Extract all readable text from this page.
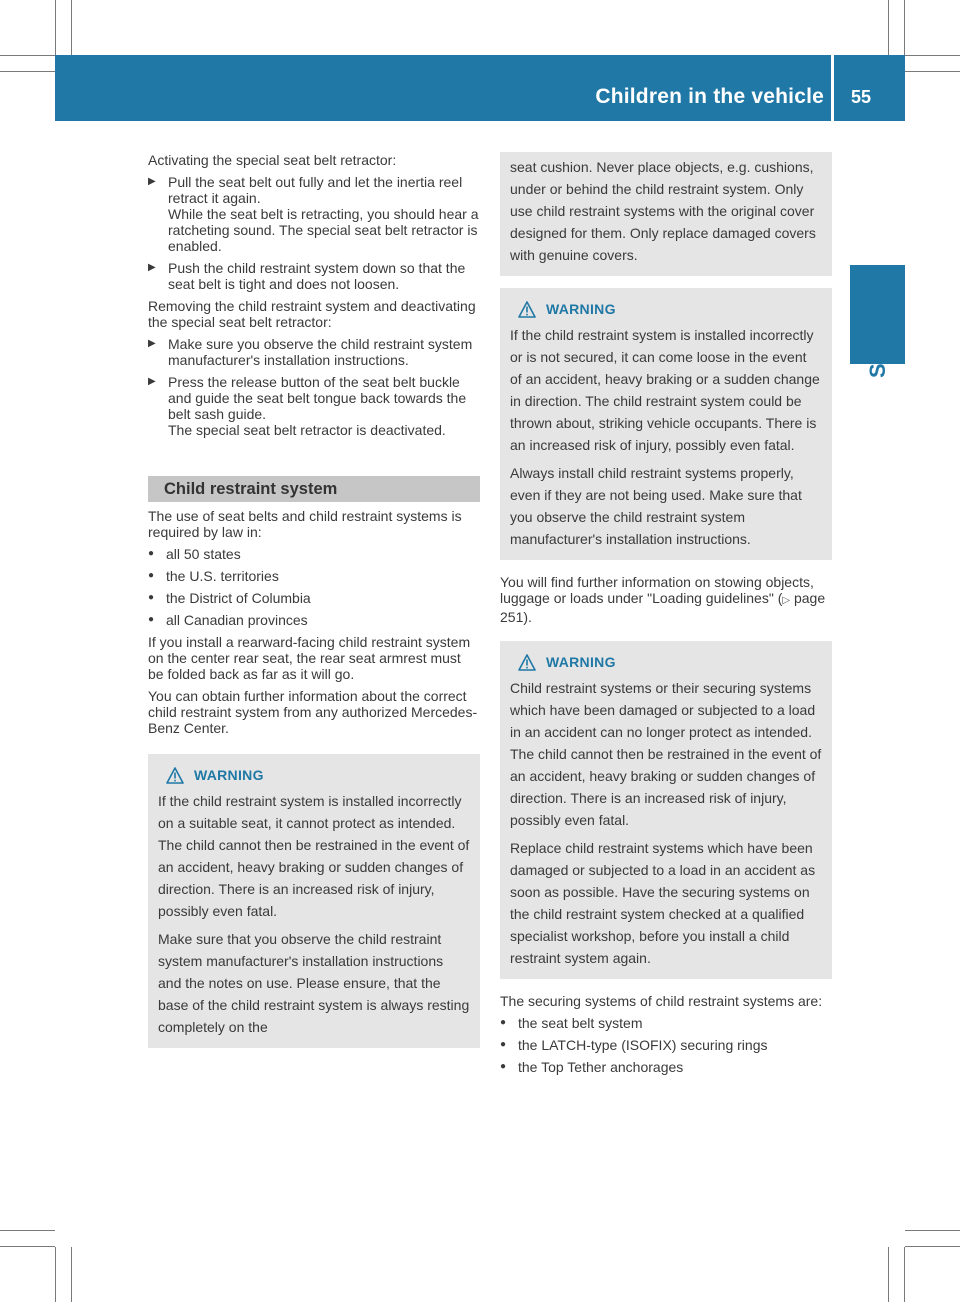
Children in the vehicle 55
Safety

Activating the special seat belt retractor:

▶ Pull the seat belt out fully and let the inertia reel retract it again.

While the seat belt is retracting, you should hear a ratcheting sound. The special seat belt retractor is enabled.

▶ Push the child restraint system down so that the seat belt is tight and does not loosen.

Removing the child restraint system and deactivating the special seat belt retractor:

▶ Make sure you observe the child restraint system manufacturer's installation instructions.

▶ Press the release button of the seat belt buckle and guide the seat belt tongue back towards the belt sash guide.

The special seat belt retractor is deactivated.

Child restraint system

The use of seat belts and child restraint systems is required by law in:

● all 50 states
● the U.S. territories
● the District of Columbia
● all Canadian provinces

If you install a rearward-facing child restraint system on the center rear seat, the rear seat armrest must be folded back as far as it will go.

You can obtain further information about the correct child restraint system from any authorized Mercedes-Benz Center.

WARNING

If the child restraint system is installed incorrectly on a suitable seat, it cannot protect as intended. The child cannot then be restrained in the event of an accident, heavy braking or sudden changes of direction. There is an increased risk of injury, possibly even fatal.

Make sure that you observe the child restraint system manufacturer's installation instructions and the notes on use. Please ensure, that the base of the child restraint system is always resting completely on the

seat cushion. Never place objects, e.g. cushions, under or behind the child restraint system. Only use child restraint systems with the original cover designed for them. Only replace damaged covers with genuine covers.

WARNING

If the child restraint system is installed incorrectly or is not secured, it can come loose in the event of an accident, heavy braking or a sudden change in direction. The child restraint system could be thrown about, striking vehicle occupants. There is an increased risk of injury, possibly even fatal.

Always install child restraint systems properly, even if they are not being used. Make sure that you observe the child restraint system manufacturer's installation instructions.

You will find further information on stowing objects, luggage or loads under "Loading guidelines" (▷ page 251).

WARNING

Child restraint systems or their securing systems which have been damaged or subjected to a load in an accident can no longer protect as intended. The child cannot then be restrained in the event of an accident, heavy braking or sudden changes of direction. There is an increased risk of injury, possibly even fatal.

Replace child restraint systems which have been damaged or subjected to a load in an accident as soon as possible. Have the securing systems on the child restraint system checked at a qualified specialist workshop, before you install a child restraint system again.

The securing systems of child restraint systems are:

● the seat belt system
● the LATCH-type (ISOFIX) securing rings
● the Top Tether anchorages
